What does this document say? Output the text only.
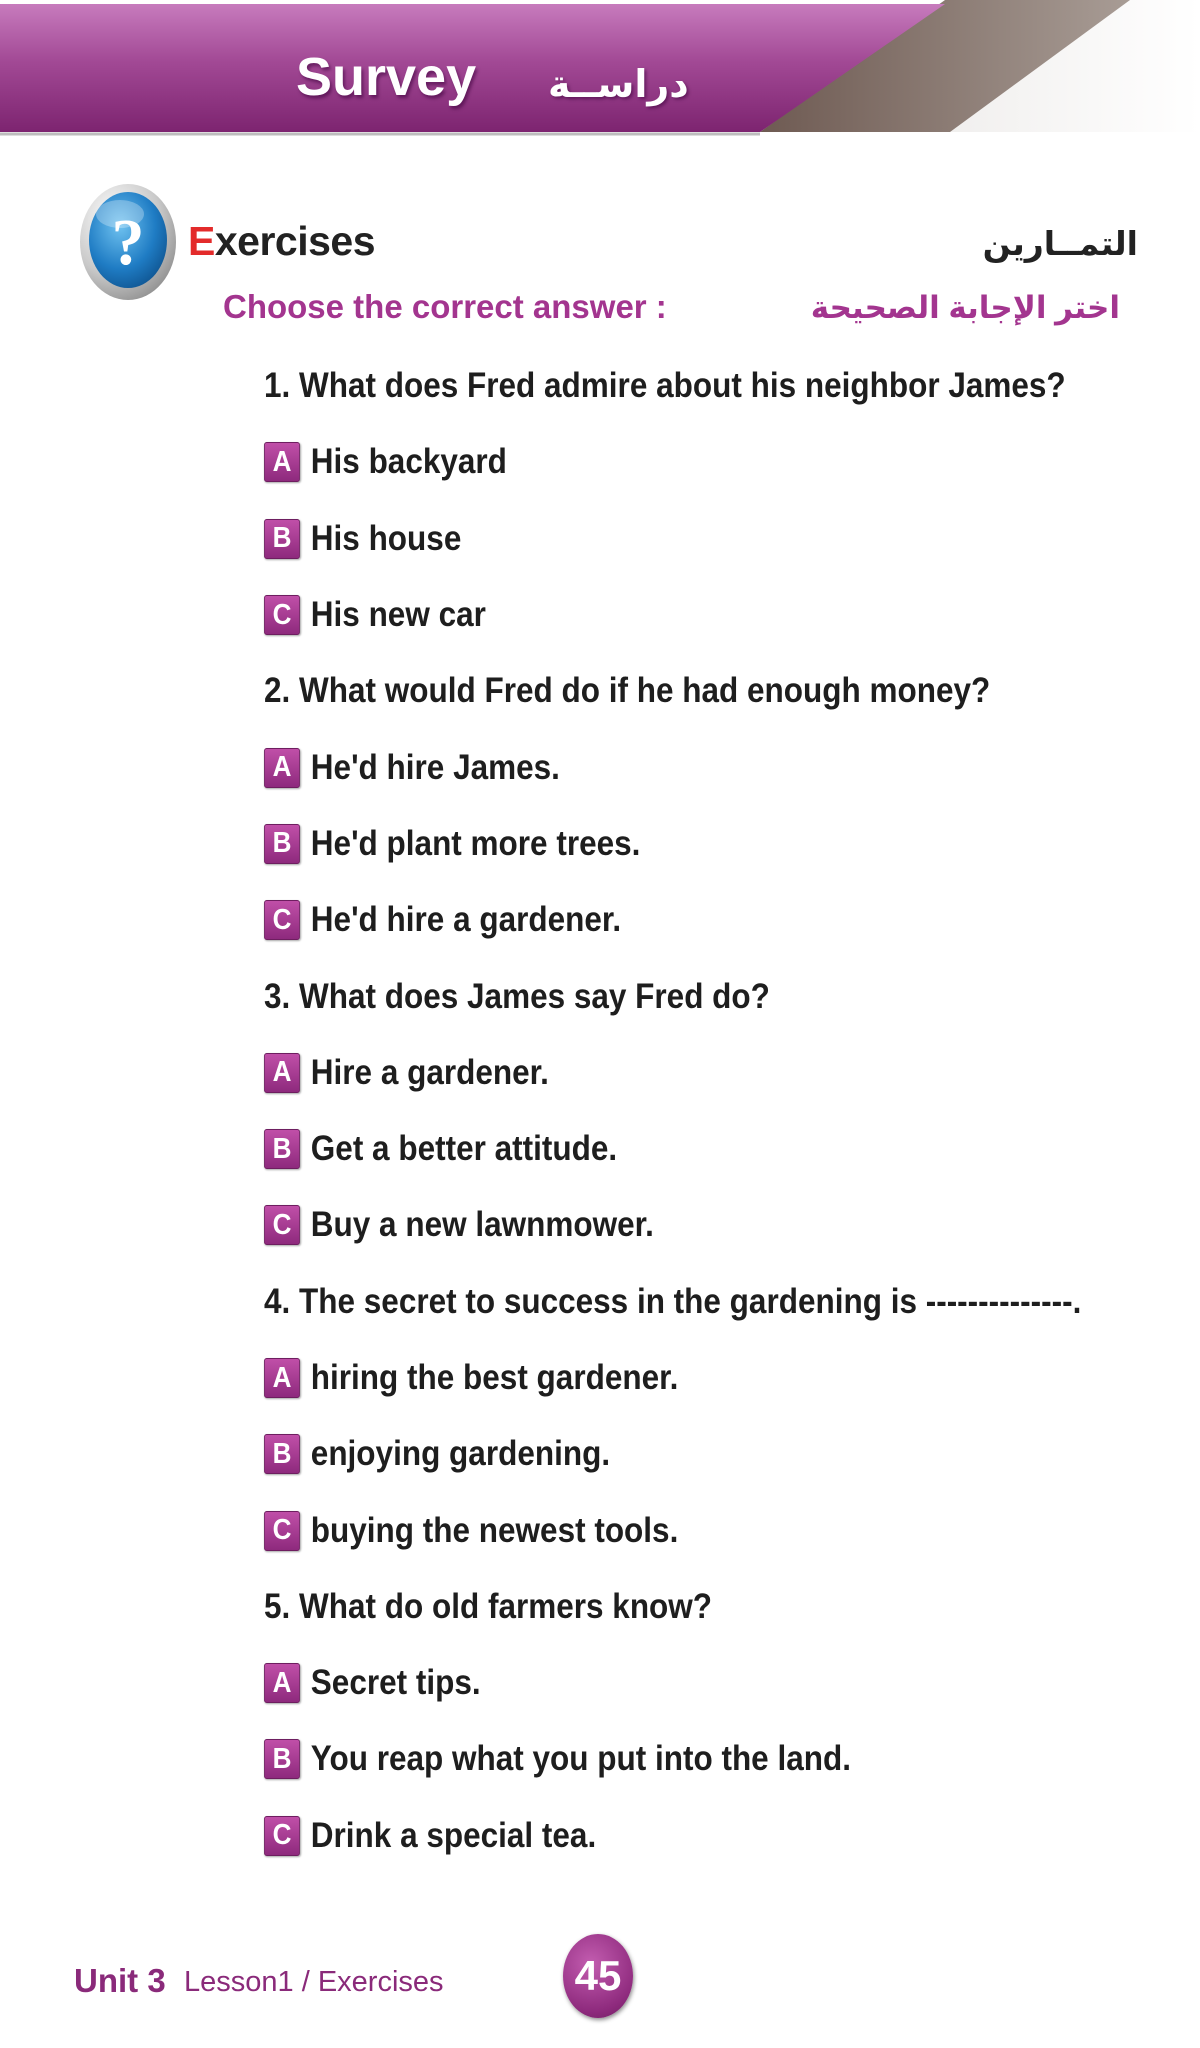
Survey دراســة
? Exercises	التمــارين
Choose the correct answer :	اختر الإجابة الصحيحة
1. What does Fred admire about his neighbor James?
A His backyard
B His house
C His new car
2. What would Fred do if he had enough money?
A He'd hire James.
B He'd plant more trees.
C He'd hire a gardener.
3. What does James say Fred do?
A Hire a gardener.
B Get a better attitude.
C Buy a new lawnmower.
4. The secret to success in the gardening is --------------.
A hiring the best gardener.
B enjoying gardening.
C buying the newest tools.
5. What do old farmers know?
A Secret tips.
B You reap what you put into the land.
C Drink a special tea.
Unit 3 Lesson1 / Exercises	45
